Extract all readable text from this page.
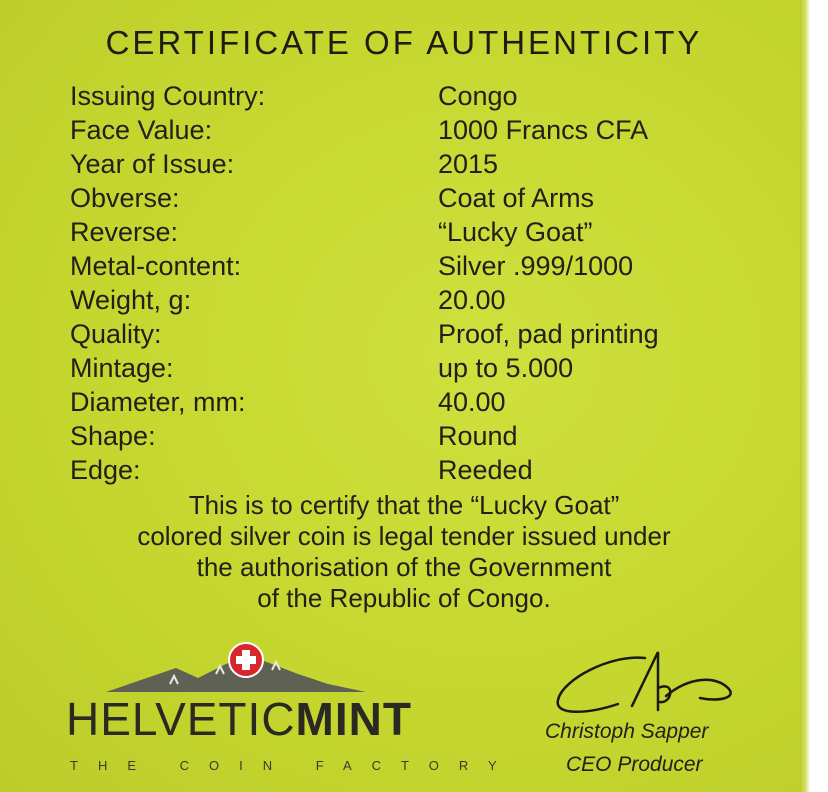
CERTIFICATE OF AUTHENTICITY
Issuing Country:	Congo
Face Value:	1000 Francs CFA
Year of Issue:	2015
Obverse:	Coat of Arms
Reverse:	“Lucky Goat”
Metal-content:	Silver .999/1000
Weight, g:	20.00
Quality:	Proof, pad printing
Mintage:	up to 5.000
Diameter, mm:	40.00
Shape:	Round
Edge:	Reeded
This is to certify that the “Lucky Goat”
colored silver coin is legal tender issued under
the authorisation of the Government
of the Republic of Congo.
HELVETICMINT
THE COIN FACTORY
Christoph Sapper
CEO Producer
